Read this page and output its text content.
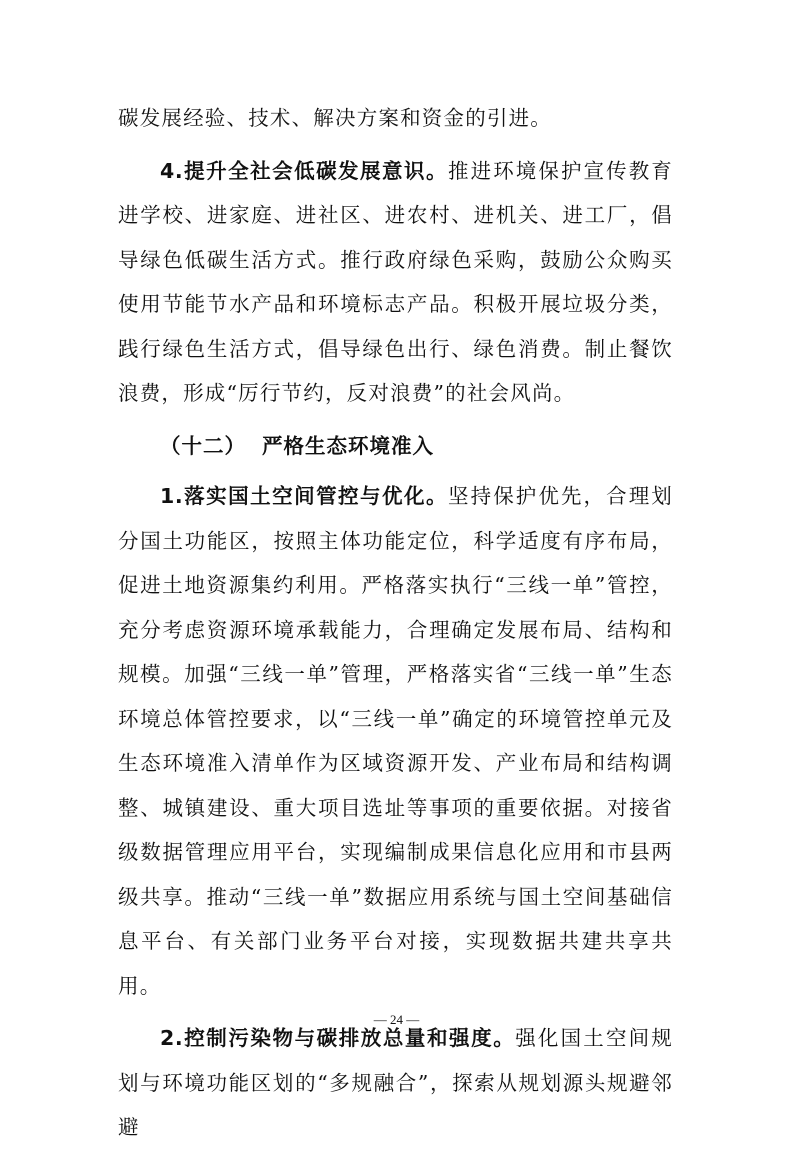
碳发展经验、技术、解决方案和资金的引进。

4.提升全社会低碳发展意识。推进环境保护宣传教育进学校、进家庭、进社区、进农村、进机关、进工厂，倡导绿色低碳生活方式。推行政府绿色采购，鼓励公众购买使用节能节水产品和环境标志产品。积极开展垃圾分类，践行绿色生活方式，倡导绿色出行、绿色消费。制止餐饮浪费，形成“厉行节约，反对浪费”的社会风尚。

（十二） 严格生态环境准入

1.落实国土空间管控与优化。坚持保护优先，合理划分国土功能区，按照主体功能定位，科学适度有序布局，促进土地资源集约利用。严格落实执行“三线一单”管控，充分考虑资源环境承载能力，合理确定发展布局、结构和规模。加强“三线一单”管理，严格落实省“三线一单”生态环境总体管控要求，以“三线一单”确定的环境管控单元及生态环境准入清单作为区域资源开发、产业布局和结构调整、城镇建设、重大项目选址等事项的重要依据。对接省级数据管理应用平台，实现编制成果信息化应用和市县两级共享。推动“三线一单”数据应用系统与国土空间基础信息平台、有关部门业务平台对接，实现数据共建共享共用。

2.控制污染物与碳排放总量和强度。强化国土空间规划与环境功能区划的“多规融合”，探索从规划源头规避邻避

— 24 —
